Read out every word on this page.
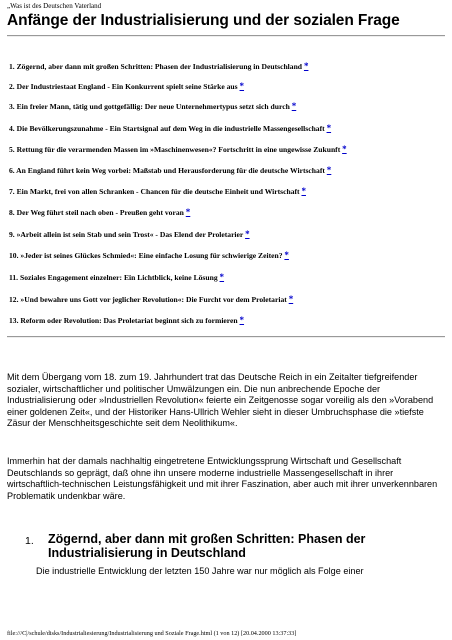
„Was ist des Deutschen Vaterland
Anfänge der Industrialisierung und der sozialen Frage
1. Zögernd, aber dann mit großen Schritten: Phasen der Industrialisierung in Deutschland *
2. Der Industriestaat England - Ein Konkurrent spielt seine Stärke aus *
3. Ein freier Mann, tätig und gottgefällig: Der neue Unternehmertypus setzt sich durch *
4. Die Bevölkerungszunahme - Ein Startsignal auf dem Weg in die industrielle Massengesellschaft *
5. Rettung für die verarmenden Massen im »Maschinenwesen«? Fortschritt in eine ungewisse Zukunft *
6. An England führt kein Weg vorbei: Maßstab und Herausforderung für die deutsche Wirtschaft *
7. Ein Markt, frei von allen Schranken - Chancen für die deutsche Einheit und Wirtschaft *
8. Der Weg führt steil nach oben - Preußen geht voran *
9. »Arbeit allein ist sein Stab und sein Trost« - Das Elend der Proletarier *
10. »Jeder ist seines Glückes Schmied«: Eine einfache Losung für schwierige Zeiten? *
11. Soziales Engagement einzelner: Ein Lichtblick, keine Lösung *
12. »Und bewahre uns Gott vor jeglicher Revolution«: Die Furcht vor dem Proletariat *
13. Reform oder Revolution: Das Proletariat beginnt sich zu formieren *
Mit dem Übergang vom 18. zum 19. Jahrhundert trat das Deutsche Reich in ein Zeitalter tiefgreifender sozialer, wirtschaftlicher und politischer Umwälzungen ein. Die nun anbrechende Epoche der Industrialisierung oder »Industriellen Revolution« feierte ein Zeitgenosse sogar voreilig als den »Vorabend einer goldenen Zeit«, und der Historiker Hans-Ullrich Wehler sieht in dieser Umbruchsphase die »tiefste Zäsur der Menschheitsgeschichte seit dem Neolithikum«.
Immerhin hat der damals nachhaltig eingetretene Entwicklungssprung Wirtschaft und Gesellschaft Deutschlands so geprägt, daß ohne ihn unsere moderne industrielle Massengesellschaft in ihrer wirtschaftlich-technischen Leistungsfähigkeit und mit ihrer Faszination, aber auch mit ihrer unverkennbaren Problematik undenkbar wäre.
1. Zögernd, aber dann mit großen Schritten: Phasen der Industrialisierung in Deutschland
Die industrielle Entwicklung der letzten 150 Jahre war nur möglich als Folge einer
file:///C|/schule/disks/Industrialiesierung/Industrialisierung und Soziale Frage.html (1 von 12) [20.04.2000 13:37:33]
